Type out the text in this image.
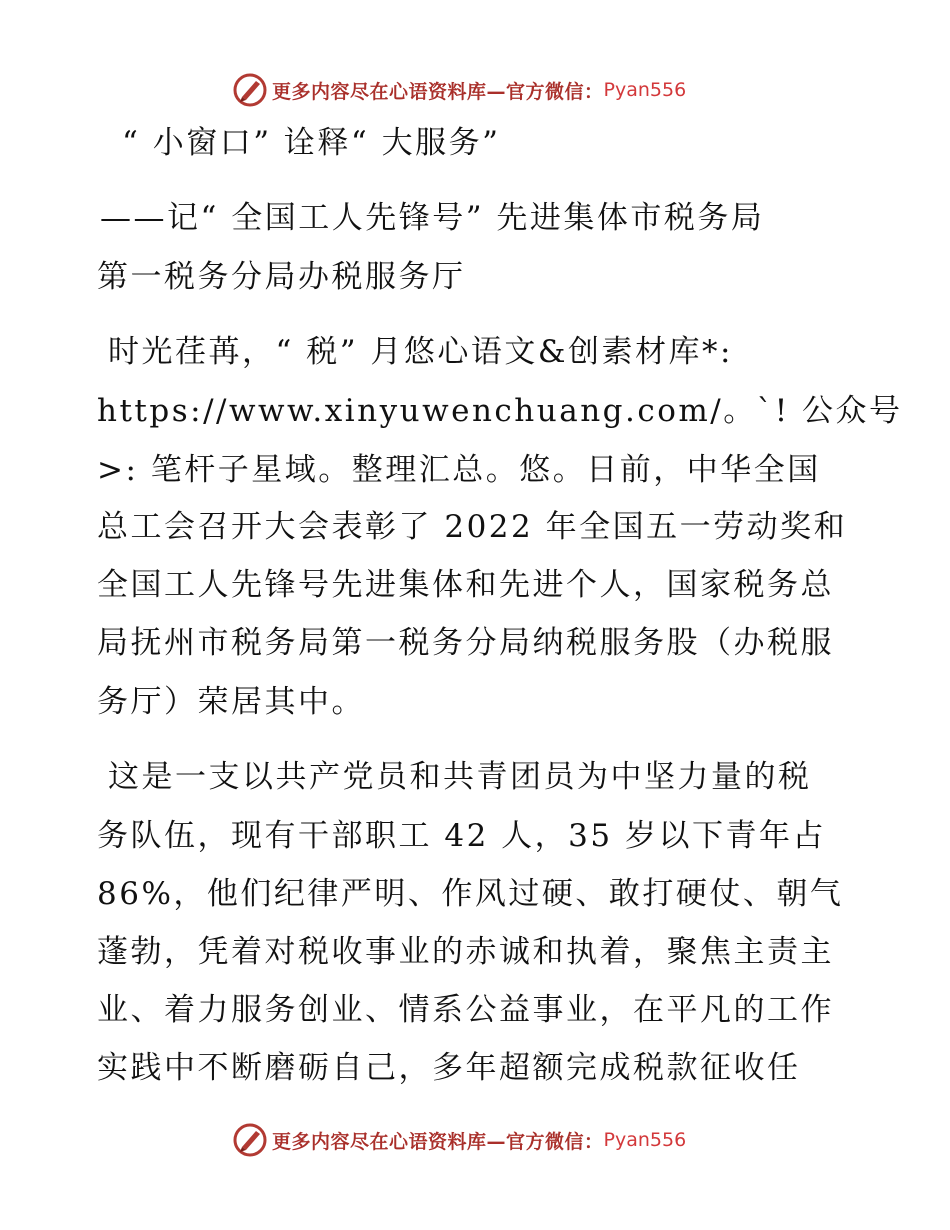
更多内容尽在心语资料库—官方微信： Pyan556
“ 小窗口” 诠释“ 大服务”
——记“ 全国工人先锋号” 先进集体市税务局
第一税务分局办税服务厅
时光荏苒，“ 税” 月悠心语文&创素材库*:
https://www.xinyuwenchuang.com/。`! 公众号
>: 笔杆子星域。整理汇总。悠。日前，中华全国
总工会召开大会表彰了 2022 年全国五一劳动奖和
全国工人先锋号先进集体和先进个人，国家税务总
局抚州市税务局第一税务分局纳税服务股（办税服
务厅）荣居其中。
这是一支以共产党员和共青团员为中坚力量的税
务队伍，现有干部职工 42 人，35 岁以下青年占
86%，他们纪律严明、作风过硬、敢打硬仗、朝气
蓬勃，凭着对税收事业的赤诚和执着，聚焦主责主
业、着力服务创业、情系公益事业，在平凡的工作
实践中不断磨砺自己，多年超额完成税款征收任
更多内容尽在心语资料库—官方微信： Pyan556
